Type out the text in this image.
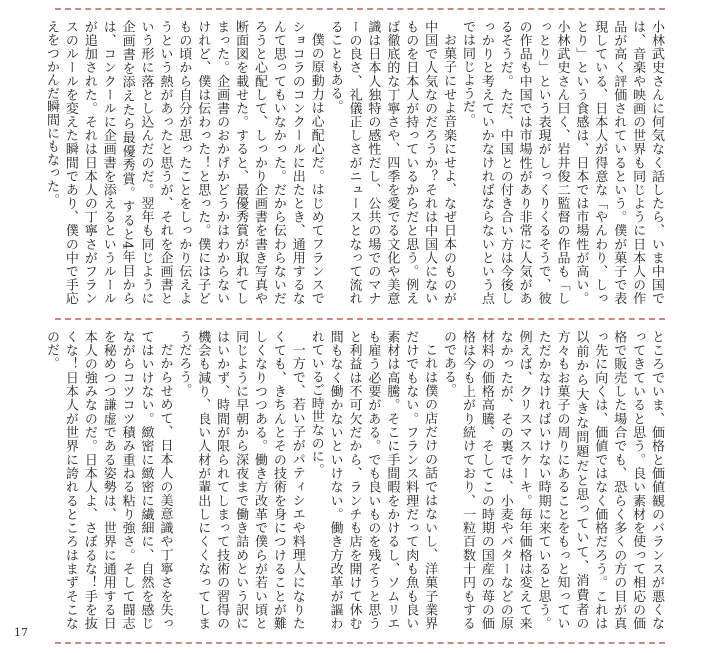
小林武史さんに何気なく話したら、いま中国では、音楽や映画の世界も同じように日本人の作品が高く評価されているという。僕が菓子で表現している、日本人が得意な「やんわり、しっとり」という食感は、日本では市場性が高い。小林武史さん曰く、岩井俊二監督の作品も「しっとり」という表現がしっくりくるそうで、彼の作品も中国では市場性があり非常に人気があるそうだ。ただ、中国との付き合い方は今後しっかりと考えていかなければならないという点では同じようだ。

お菓子にせよ音楽にせよ、なぜ日本のものが中国で人気なのだろうか？それは中国人にないものを日本人が持っているからだと思う。例えば徹底的な丁寧さや、四季を愛でる文化や美意識は日本人独特の感性だし、公共の場でのマナーの良さ、礼儀正しさがニュースとなって流れることもある。

僕の原動力は心配心だ。はじめてフランスでショコラのコンクールに出たとき、通用するなんて思ってもいなかった。だから伝わらないだろうと心配して、しっかり企画書を書き写真や断面図を載せた。すると、最優秀賞が取れてしまった。企画書のおかげかどうかはわからないけれど、僕は伝わった！と思った。僕には子どもの頃から自分が思ったことをしっかり伝えようという熱があったと思うが、それを企画書という形に落とし込んだのだ。翌年も同じように企画書を添えたら最優秀賞。すると4年目からは、コンクールに企画書を添えるというルールが追加された。それは日本人の丁寧さがフランスのルールを変えた瞬間であり、僕の中で手応えをつかんだ瞬間にもなった。

ところでいま、価格と価値観のバランスが悪くなってきていると思う。良い素材を使って相応の価格で販売した場合でも、恐らく多くの方の目が真っ先に向くは、価値ではなく価格だろう。これは以前から大きな問題だと思っていて、消費者の方々もお菓子の周りにあることをもっと知っていただかなければいけない時期に来ていると思う。例えば、クリスマスケーキ。毎年価格は変えて来なかったが、その裏では、小麦やバターなどの原材料の価格高騰、そしてこの時期の国産の苺の価格は今も上がり続けており、一粒百数十円もするのである。

これは僕の店だけの話ではないし、洋菓子業界だけでもない。フランス料理だって肉も魚も良い素材は高騰。そこに手間暇をかけるし、ソムリエも雇う必要がある。でも良いものを残そうと思うと利益は不可欠だから、ランチも店を開けて休む間もなく働かないといけない。働き方改革が謳われているご時世なのに。

一方で、若い子がパティシエや料理人になりたくても、きちんとその技術を身につけることが難しくなりつつある。働き方改革で僕らが若い頃と同じように早朝から深夜まで働き詰めという訳にはいかず、時間が限られてしまって技術の習得の機会も減り、良い人材が輩出しにくくなってしまうだろう。

だからせめて、日本人の美意識や丁寧さを失ってはいけない。緻密に緻密に繊細に、自然を感じながらコツコツ積み重ねる粘り強さ。そして闘志を秘めつつ謙虚である姿勢は、世界に通用する日本人の強みなのだ。日本人よ、さぼるな！手を抜くな！日本人が世界に誇れるところはまずそこなのだ。

17
